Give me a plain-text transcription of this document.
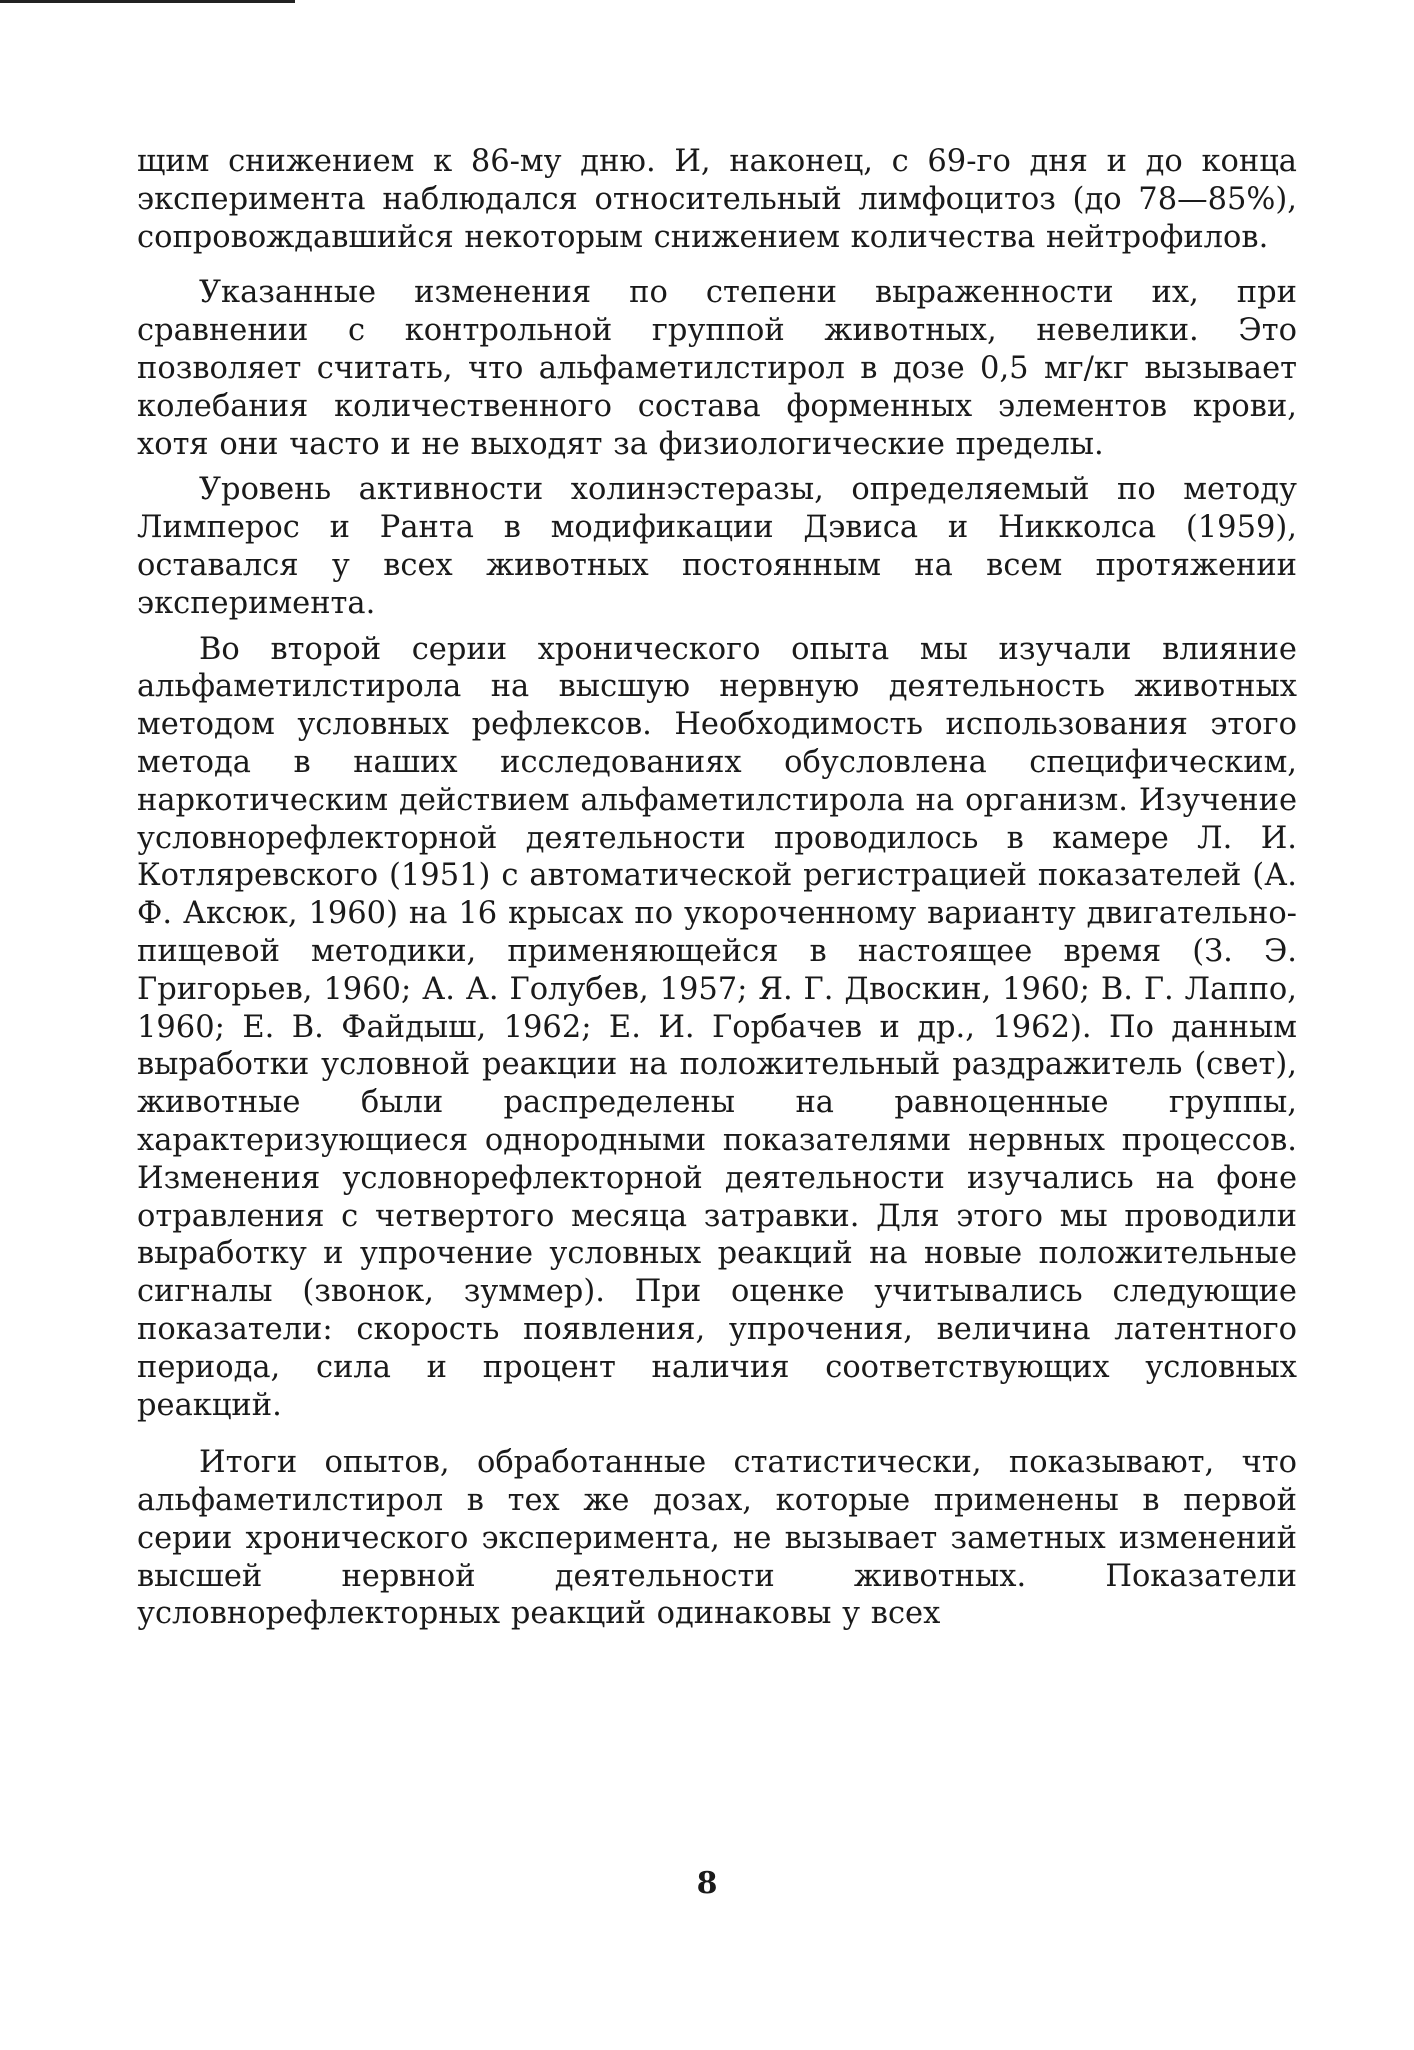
щим снижением к 86-му дню. И, наконец, с 69-го дня и до конца эксперимента наблюдался относительный лимфоцитоз (до 78—85%), сопровождавшийся некоторым снижением количества нейтрофилов.

Указанные изменения по степени выраженности их, при сравнении с контрольной группой животных, невелики. Это позволяет считать, что альфаметилстирол в дозе 0,5 мг/кг вызывает колебания количественного состава форменных элементов крови, хотя они часто и не выходят за физиологические пределы.

Уровень активности холинэстеразы, определяемый по методу Лимперос и Ранта в модификации Дэвиса и Никколса (1959), оставался у всех животных постоянным на всем протяжении эксперимента.

Во второй серии хронического опыта мы изучали влияние альфаметилстирола на высшую нервную деятельность животных методом условных рефлексов. Необходимость использования этого метода в наших исследованиях обусловлена специфическим, наркотическим действием альфаметилстирола на организм. Изучение условнорефлекторной деятельности проводилось в камере Л. И. Котляревского (1951) с автоматической регистрацией показателей (А. Ф. Аксюк, 1960) на 16 крысах по укороченному варианту двигательно-пищевой методики, применяющейся в настоящее время (З. Э. Григорьев, 1960; А. А. Голубев, 1957; Я. Г. Двоскин, 1960; В. Г. Лаппо, 1960; Е. В. Файдыш, 1962; Е. И. Горбачев и др., 1962). По данным выработки условной реакции на положительный раздражитель (свет), животные были распределены на равноценные группы, характеризующиеся однородными показателями нервных процессов. Изменения условнорефлекторной деятельности изучались на фоне отравления с четвертого месяца затравки. Для этого мы проводили выработку и упрочение условных реакций на новые положительные сигналы (звонок, зуммер). При оценке учитывались следующие показатели: скорость появления, упрочения, величина латентного периода, сила и процент наличия соответствующих условных реакций.

Итоги опытов, обработанные статистически, показывают, что альфаметилстирол в тех же дозах, которые применены в первой серии хронического эксперимента, не вызывает заметных изменений высшей нервной деятельности животных. Показатели условнорефлекторных реакций одинаковы у всех

8
